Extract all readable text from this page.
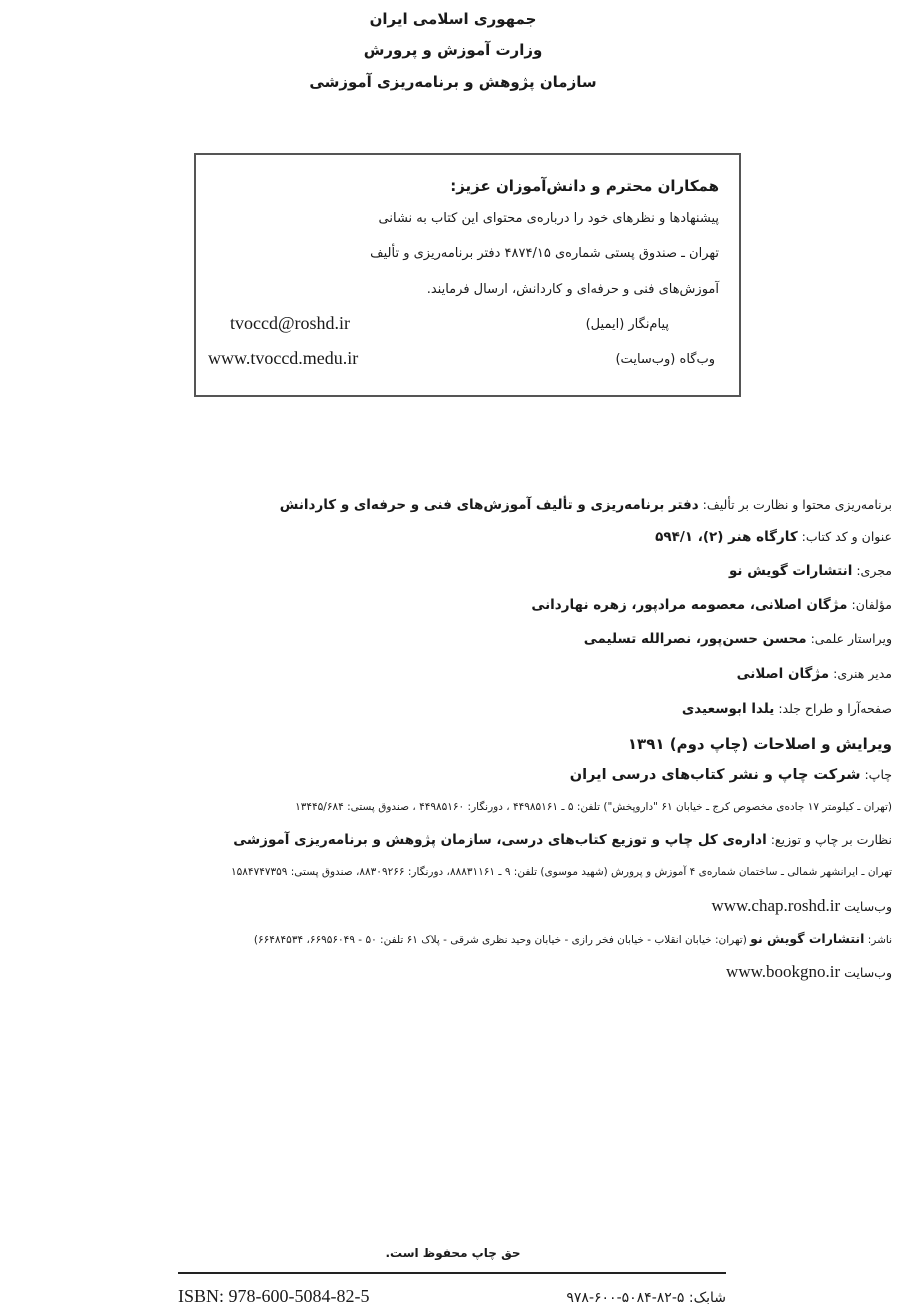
جمهوری اسلامی ایران
وزارت آموزش و پرورش
سازمان پژوهش و برنامه‌ریزی آموزشی
همکاران محترم و دانش‌آموزان عزیز:
پیشنهادها و نظرهای خود را درباره‌ی محتوای این کتاب به نشانی
تهران ـ صندوق پستی شماره‌ی ۴۸۷۴/۱۵ دفتر برنامه‌ریزی و تألیف
آموزش‌های فنی و حرفه‌ای و کاردانش، ارسال فرمایند.
پیام‌نگار (ایمیل)
tvoccd@roshd.ir
وب‌گاه (وب‌سایت)
www.tvoccd.medu.ir
برنامه‌ریزی محتوا و نظارت بر تألیف: دفتر برنامه‌ریزی و تألیف آموزش‌های فنی و حرفه‌ای و کاردانش
عنوان و کد کتاب: کارگاه هنر (۲)، ۵۹۴/۱
مجری: انتشارات گویش نو
مؤلفان: مژگان اصلانی، معصومه مرادپور، زهره نهاردانی
ویراستار علمی: محسن حسن‌پور، نصرالله تسلیمی
مدیر هنری: مژگان اصلانی
صفحه‌آرا و طراح جلد: یلدا ابوسعیدی
ویرایش و اصلاحات (چاپ دوم) ۱۳۹۱
چاپ: شرکت چاپ و نشر کتاب‌های درسی ایران
(تهران ـ کیلومتر ۱۷ جاده‌ی مخصوص کرج ـ خیابان ۶۱ "داروپخش") تلفن: ۵ ـ ۴۴۹۸۵۱۶۱ ، دورنگار: ۴۴۹۸۵۱۶۰ ، صندوق پستی: ۱۳۴۴۵/۶۸۴
نظارت بر چاپ و توزیع: اداره‌ی کل چاپ و توزیع کتاب‌های درسی، سازمان پژوهش و برنامه‌ریزی آموزشی
تهران ـ ایرانشهر شمالی ـ ساختمان شماره‌ی ۴ آموزش و پرورش (شهید موسوی) تلفن: ۹ ـ ۸۸۸۳۱۱۶۱، دورنگار: ۸۸۳۰۹۲۶۶، صندوق پستی: ۱۵۸۴۷۴۷۳۵۹
وب‌سایت www.chap.roshd.ir
ناشر: انتشارات گویش نو (تهران: خیابان انقلاب - خیابان فخر رازی - خیابان وحید نظری شرقی - پلاک ۶۱ تلفن: ۵۰ - ۶۶۹۵۶۰۴۹، ۶۶۴۸۴۵۳۴)
وب‌سایت www.bookgno.ir
حق چاپ محفوظ است.
ISBN: 978-600-5084-82-5	شابک: ۵-۸۲-۵۰۸۴-۶۰۰-۹۷۸
